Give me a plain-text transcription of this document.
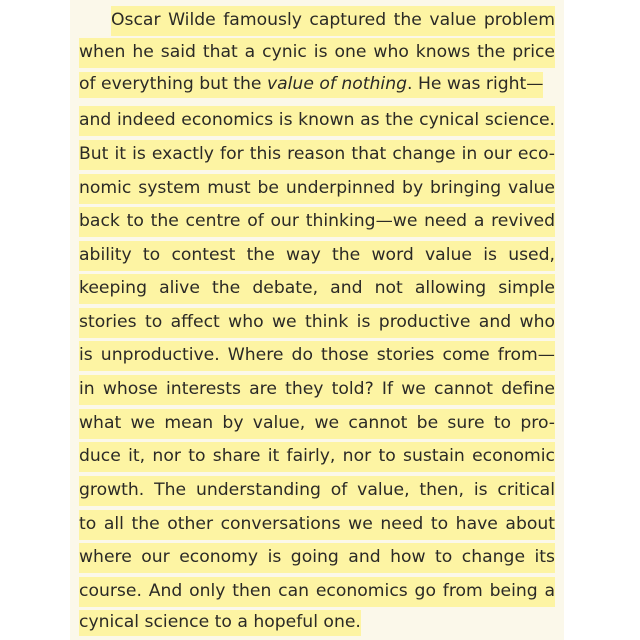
Oscar Wilde famously captured the value problem
when he said that a cynic is one who knows the price
of everything but the value of nothing. He was right—
and indeed economics is known as the cynical science.
But it is exactly for this reason that change in our eco-
nomic system must be underpinned by bringing value
back to the centre of our thinking—we need a revived
ability to contest the way the word value is used,
keeping alive the debate, and not allowing simple
stories to affect who we think is productive and who
is unproductive. Where do those stories come from—
in whose interests are they told? If we cannot define
what we mean by value, we cannot be sure to pro-
duce it, nor to share it fairly, nor to sustain economic
growth. The understanding of value, then, is critical
to all the other conversations we need to have about
where our economy is going and how to change its
course. And only then can economics go from being a
cynical science to a hopeful one.
